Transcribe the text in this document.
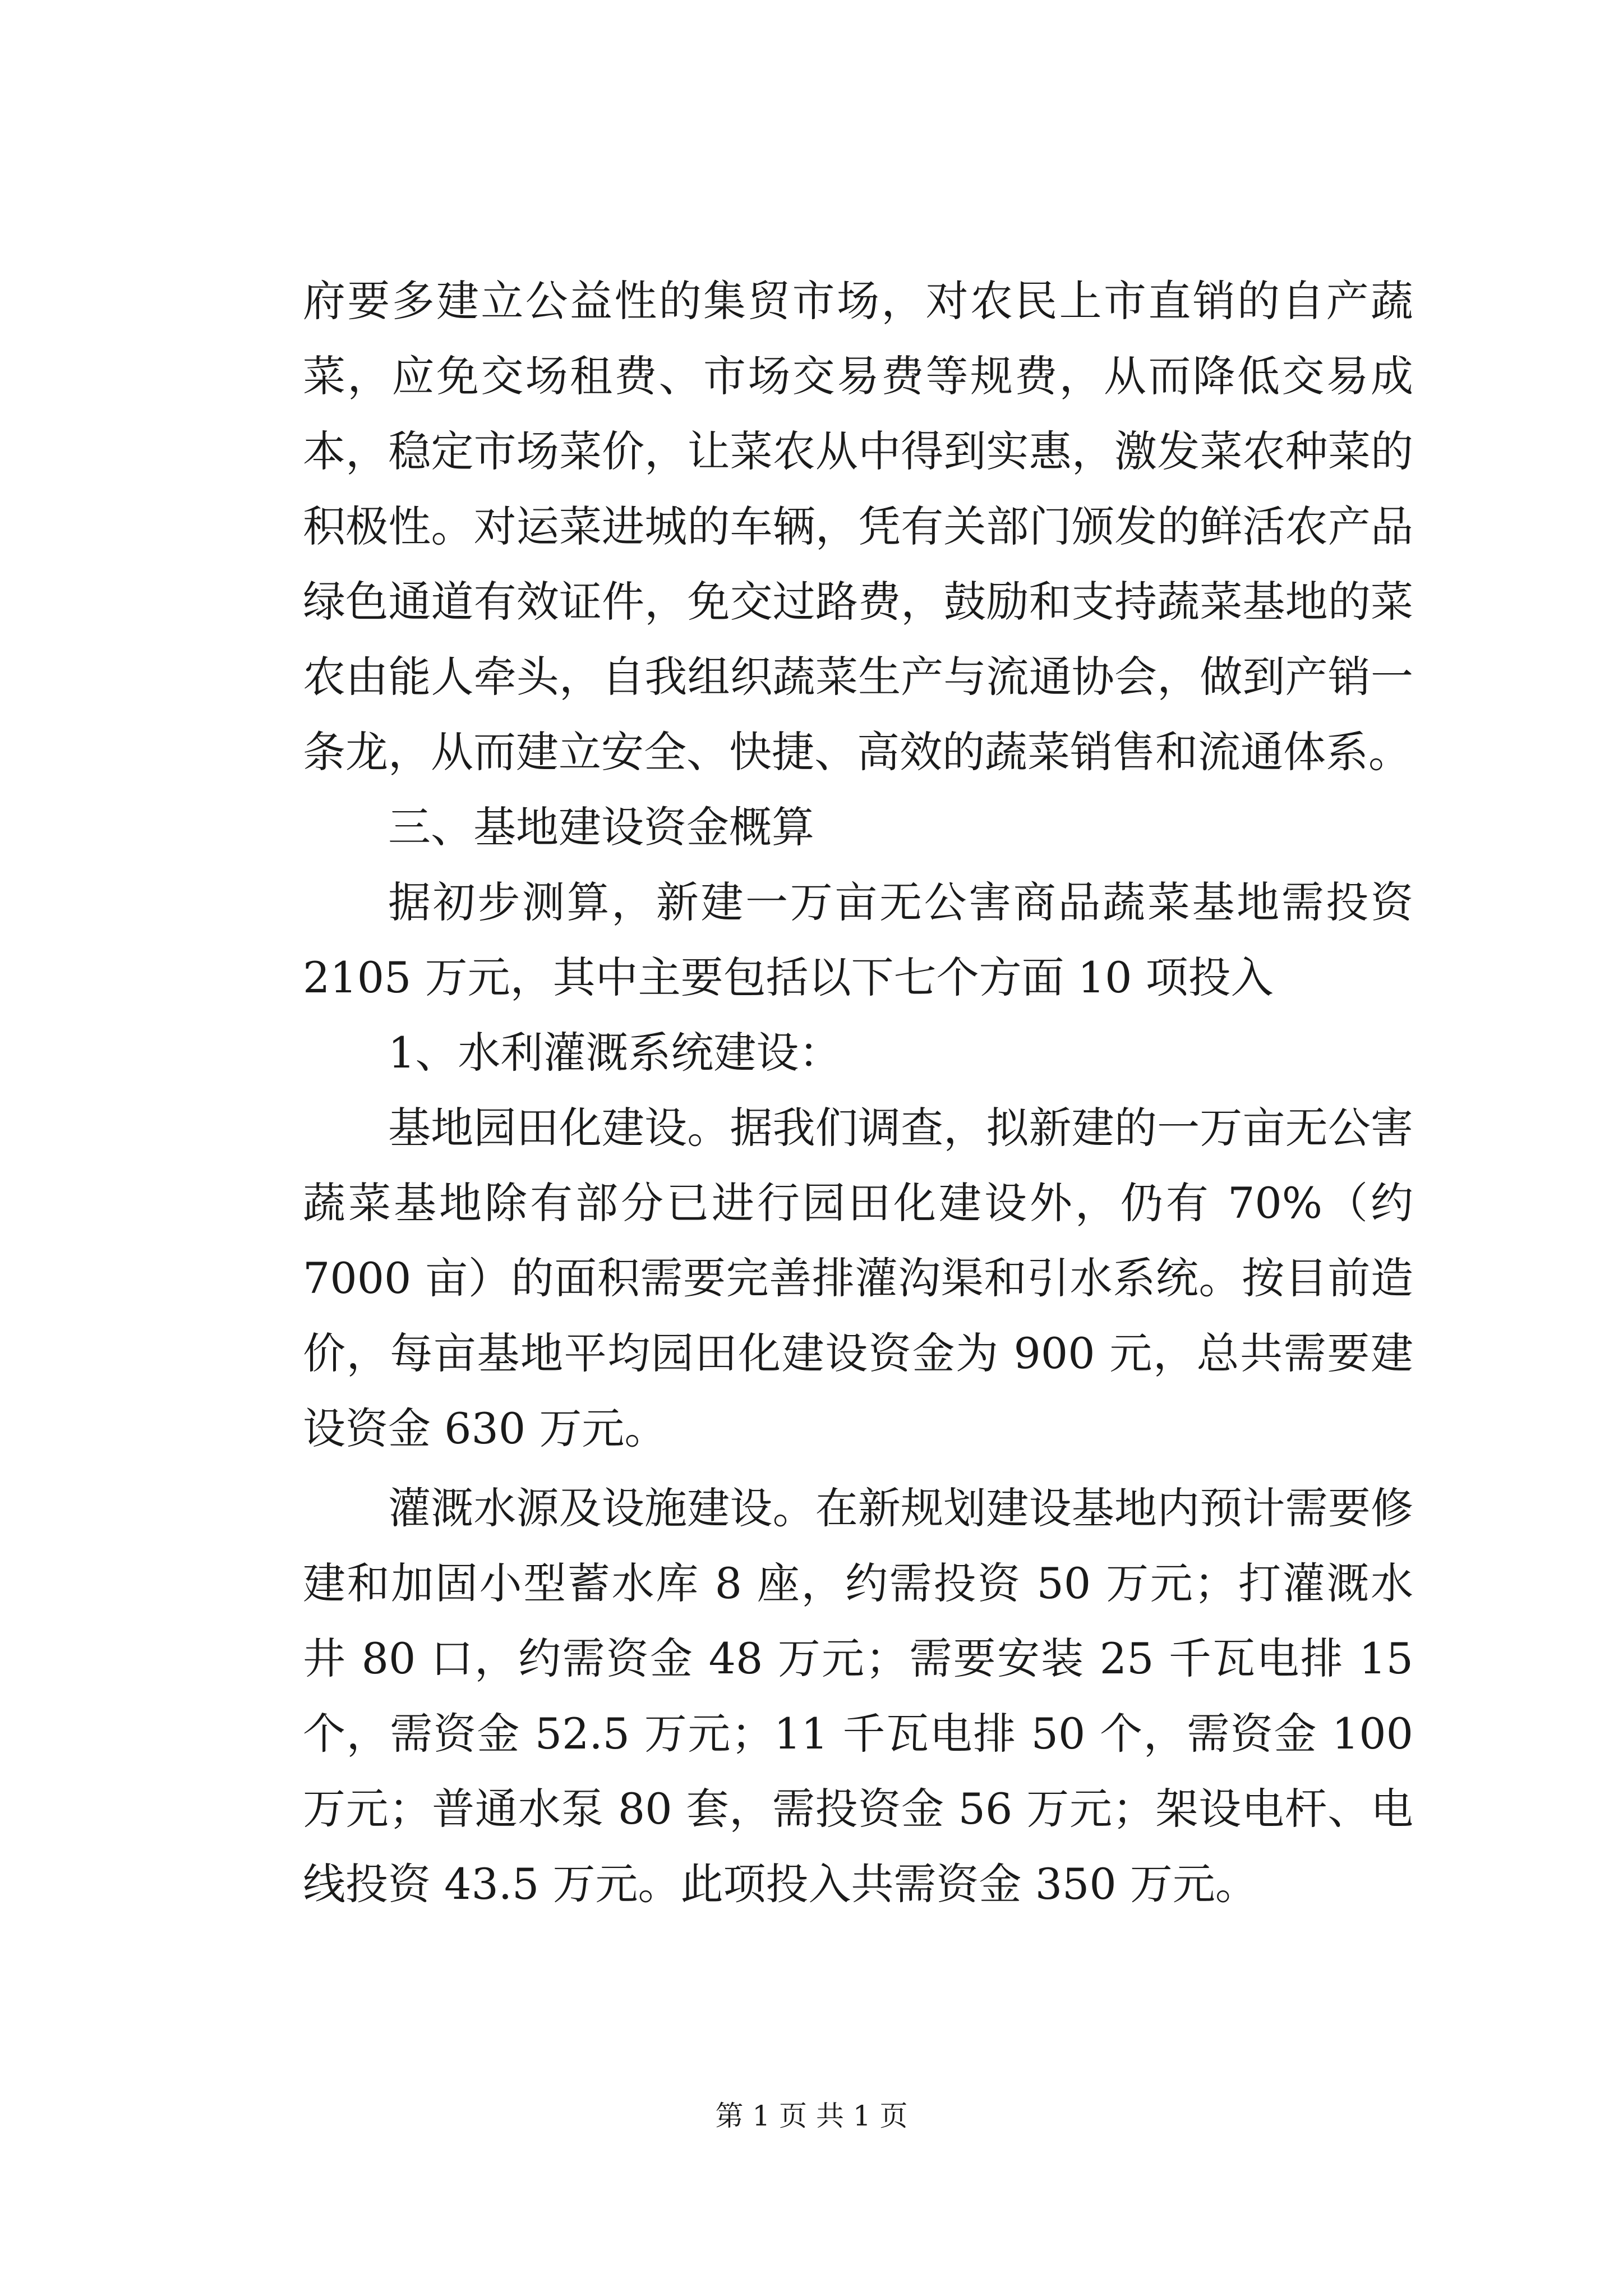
府要多建立公益性的集贸市场，对农民上市直销的自产蔬菜，应免交场租费、市场交易费等规费，从而降低交易成本，稳定市场菜价，让菜农从中得到实惠，激发菜农种菜的积极性。对运菜进城的车辆，凭有关部门颁发的鲜活农产品绿色通道有效证件，免交过路费，鼓励和支持蔬菜基地的菜农由能人牵头，自我组织蔬菜生产与流通协会，做到产销一条龙，从而建立安全、快捷、高效的蔬菜销售和流通体系。

三、基地建设资金概算

据初步测算，新建一万亩无公害商品蔬菜基地需投资 2105 万元，其中主要包括以下七个方面 10 项投入

1、水利灌溉系统建设：

基地园田化建设。据我们调查，拟新建的一万亩无公害蔬菜基地除有部分已进行园田化建设外，仍有 70%（约 7000 亩）的面积需要完善排灌沟渠和引水系统。按目前造价，每亩基地平均园田化建设资金为 900 元，总共需要建设资金 630 万元。

灌溉水源及设施建设。在新规划建设基地内预计需要修建和加固小型蓄水库 8 座，约需投资 50 万元；打灌溉水井 80 口，约需资金 48 万元；需要安装 25 千瓦电排 15 个，需资金 52.5 万元；11 千瓦电排 50 个，需资金 100 万元；普通水泵 80 套，需投资金 56 万元；架设电杆、电线投资 43.5 万元。此项投入共需资金 350 万元。

第 1 页 共 1 页
